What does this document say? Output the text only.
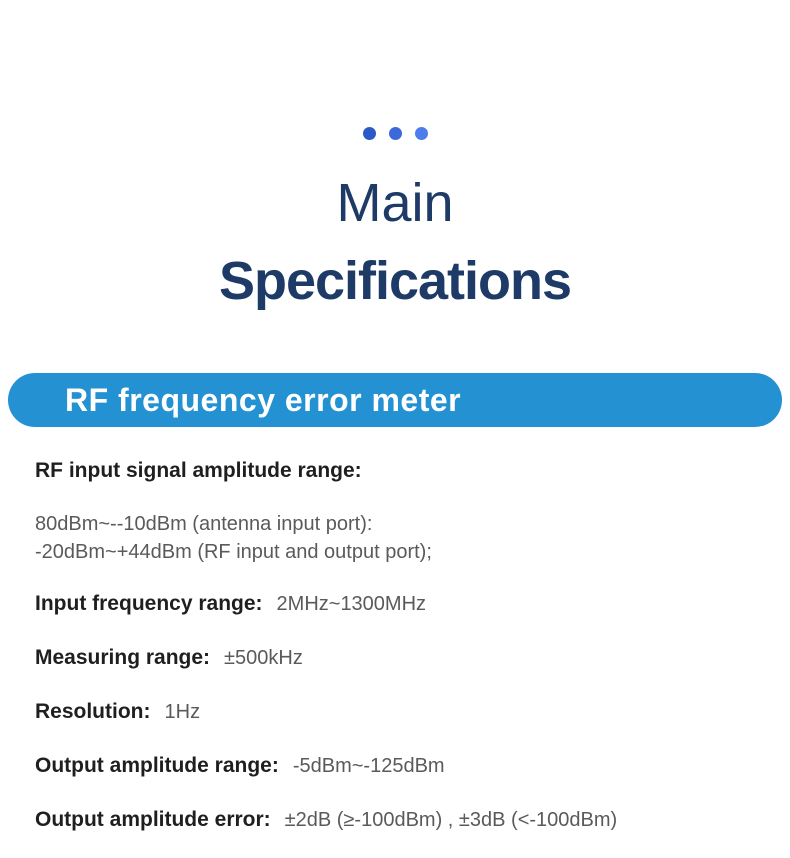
Main
Specifications
RF frequency error meter
RF input signal amplitude range:
80dBm~--10dBm (antenna input port):
-20dBm~+44dBm (RF input and output port);
Input frequency range: 2MHz~1300MHz
Measuring range: ±500kHz
Resolution: 1Hz
Output amplitude range: -5dBm~-125dBm
Output amplitude error: ±2dB (≥-100dBm) , ±3dB (<-100dBm)
